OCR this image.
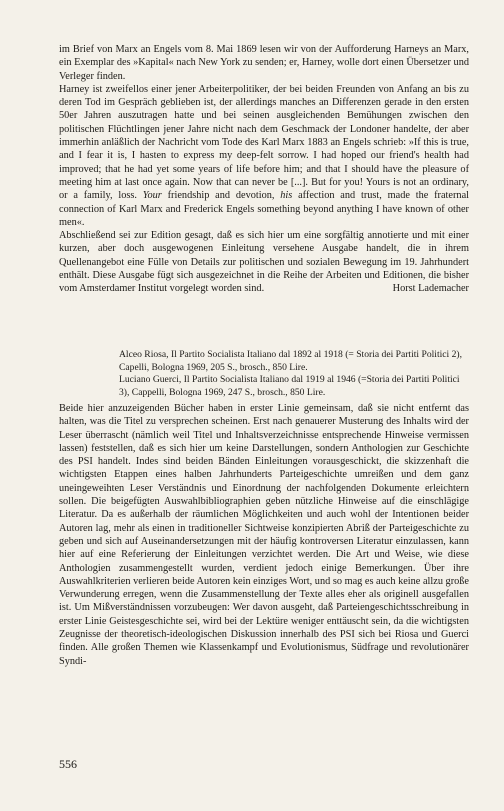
im Brief von Marx an Engels vom 8. Mai 1869 lesen wir von der Aufforderung Harneys an Marx, ein Exemplar des »Kapital« nach New York zu senden; er, Harney, wolle dort einen Übersetzer und Verleger finden.

Harney ist zweifellos einer jener Arbeiterpolitiker, der bei beiden Freunden von Anfang an bis zu deren Tod im Gespräch geblieben ist, der allerdings manches an Differenzen gerade in den ersten 50er Jahren auszutragen hatte und bei seinen ausgleichenden Bemühungen zwischen den politischen Flüchtlingen jener Jahre nicht nach dem Geschmack der Londoner handelte, der aber immerhin anläßlich der Nachricht vom Tode des Karl Marx 1883 an Engels schrieb: »If this is true, and I fear it is, I hasten to express my deep-felt sorrow. I had hoped our friend's health had improved; that he had yet some years of life before him; and that I should have the pleasure of meeting him at last once again. Now that can never be [...]. But for you! Yours is not an ordinary, or a family, loss. Your friendship and devotion, his affection and trust, made the fraternal connection of Karl Marx and Frederick Engels something beyond anything I have known of other men«.

Abschließend sei zur Edition gesagt, daß es sich hier um eine sorgfältig annotierte und mit einer kurzen, aber doch ausgewogenen Einleitung versehene Ausgabe handelt, die in ihrem Quellenangebot eine Fülle von Details zur politischen und sozialen Bewegung im 19. Jahrhundert enthält. Diese Ausgabe fügt sich ausgezeichnet in die Reihe der Arbeiten und Editionen, die bisher vom Amsterdamer Institut vorgelegt worden sind.	Horst Lademacher

Alceo Riosa, Il Partito Socialista Italiano dal 1892 al 1918 (= Storia dei Partiti Politici 2), Capelli, Bologna 1969, 205 S., brosch., 850 Lire.

Luciano Guerci, Il Partito Socialista Italiano dal 1919 al 1946 (=Storia dei Partiti Politici 3), Cappelli, Bologna 1969, 247 S., brosch., 850 Lire.

Beide hier anzuzeigenden Bücher haben in erster Linie gemeinsam, daß sie nicht entfernt das halten, was die Titel zu versprechen scheinen. Erst nach genauerer Musterung des Inhalts wird der Leser überrascht (nämlich weil Titel und Inhaltsverzeichnisse entsprechende Hinweise vermissen lassen) feststellen, daß es sich hier um keine Darstellungen, sondern Anthologien zur Geschichte des PSI handelt. Indes sind beiden Bänden Einleitungen vorausgeschickt, die skizzenhaft die wichtigsten Etappen eines halben Jahrhunderts Parteigeschichte umreißen und dem ganz uneingeweihten Leser Verständnis und Einordnung der nachfolgenden Dokumente erleichtern sollen. Die beigefügten Auswahlbibliographien geben nützliche Hinweise auf die einschlägige Literatur. Da es außerhalb der räumlichen Möglichkeiten und auch wohl der Intentionen beider Autoren lag, mehr als einen in traditioneller Sichtweise konzipierten Abriß der Parteigeschichte zu geben und sich auf Auseinandersetzungen mit der häufig kontroversen Literatur einzulassen, kann hier auf eine Referierung der Einleitungen verzichtet werden. Die Art und Weise, wie diese Anthologien zusammengestellt wurden, verdient jedoch einige Bemerkungen. Über ihre Auswahlkriterien verlieren beide Autoren kein einziges Wort, und so mag es auch keine allzu große Verwunderung erregen, wenn die Zusammenstellung der Texte alles eher als originell ausgefallen ist. Um Mißverständnissen vorzubeugen: Wer davon ausgeht, daß Parteiengeschichtsschreibung in erster Linie Geistesgeschichte sei, wird bei der Lektüre weniger enttäuscht sein, da die wichtigsten Zeugnisse der theoretisch-ideologischen Diskussion innerhalb des PSI sich bei Riosa und Guerci finden. Alle großen Themen wie Klassenkampf und Evolutionismus, Südfrage und revolutionärer Syndi-

556
